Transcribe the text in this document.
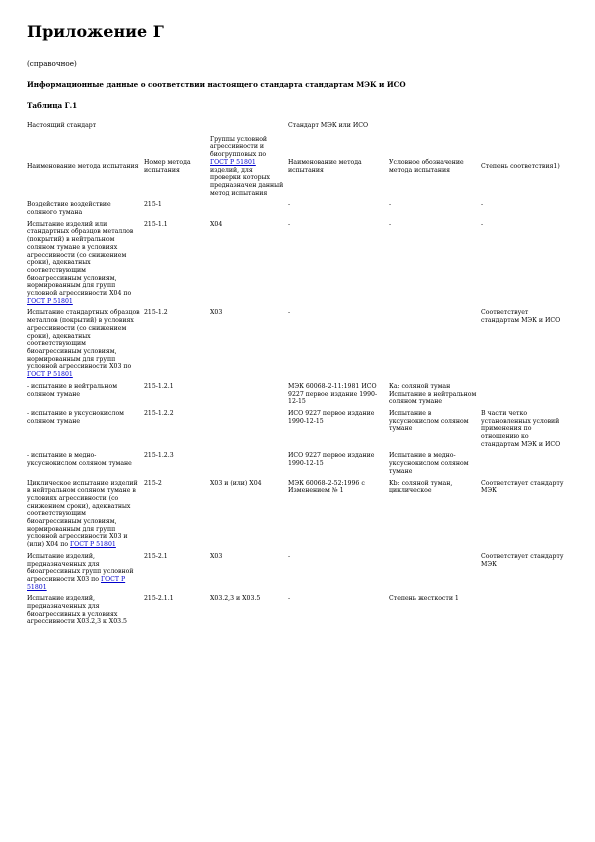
Приложение Г
(справочное)
Информационные данные о соответствии настоящего стандарта стандартам МЭК и ИСО
Таблица Г.1
Настоящий стандарт			Стандарт МЭК или ИСО		
Наименование метода испытания	Номер метода испытания	Группы условной агрессивности и биогрупповых по ГОСТ Р 51801 изделий, для проверки которых предназначен данный метод испытания	Наименование метода испытания	Условное обозначение метода испытания	Степень соответствия1)
Воздействие воздействие соляного тумана	215-1		-	-	-
Испытание изделий или стандартных образцов металлов (покрытий) в нейтральном соляном тумане в условиях агрессивности (со снижением сроки), адекватных соответствующим биоагрессивным условиям, нормированным для групп условной агрессивности Х04 по ГОСТ Р 51801	215-1.1	Х04	-	-	-
Испытание стандартных образцов металлов (покрытий) в условиях агрессивности (со снижением сроки), адекватных соответствующим биоагрессивным условиям, нормированным для групп условной агрессивности Х03 по ГОСТ Р 51801	215-1.2	Х03	-		Соответствует стандартам МЭК и ИСО
- испытание в нейтральном соляном тумане	215-1.2.1		МЭК 60068-2-11:1981 ИСО 9227 первое издание 1990-12-15	Ка: соляной туман Испытание в нейтральном соляном тумане	
- испытание в уксуснокислом соляном тумане	215-1.2.2		ИСО 9227 первое издание 1990-12-15	Испытание в уксуснокислом соляном тумане	В части четко установленных условий применения по отношению ко стандартам МЭК и ИСО
- испытание в медно-уксуснокислом соляном тумане	215-1.2.3		ИСО 9227 первое издание 1990-12-15	Испытание в медно-уксуснокислом соляном тумане	
Циклическое испытание изделий в нейтральном соляном тумане в условиях агрессивности (со снижением сроки), адекватных соответствующим биоагрессивным условиям, нормированным для групп условной агрессивности Х03 и (или) Х04 по ГОСТ Р 51801	215-2	Х03 и (или) Х04	МЭК 60068-2-52:1996 с Изменением № 1	Kb: соляной туман, циклическое	Соответствует стандарту МЭК
Испытание изделий, предназначенных для биоагрессивных групп условной агрессивности Х03 по ГОСТ Р 51801	215-2.1	Х03	-		Соответствует стандарту МЭК
Испытание изделий, предназначенных для биоагрессивных в условиях агрессивности Х03.2,3 к Х03.5	215-2.1.1	Х03.2,3 и Х03.5	-	Степень жесткости 1	
